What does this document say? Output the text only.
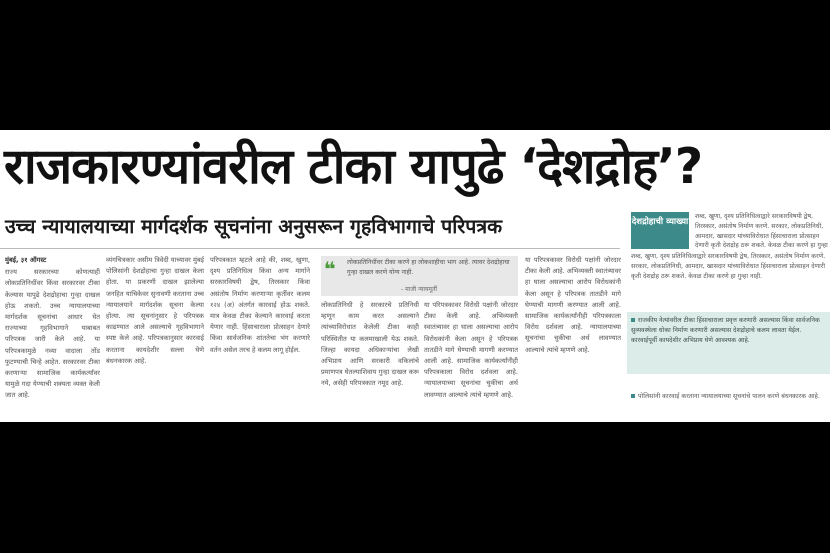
राजकारण्यांवरील टीका यापुढे ‘देशद्रोह’?
उच्च न्यायालयाच्या मार्गदर्शक सूचनांना अनुसरून गृहविभागाचे परिपत्रक

मुंबई, ३१ ऑगस्ट

राज्य सरकारच्या कोणत्याही लोकप्रतिनिधींवर किंवा सरकारवर टीका केल्यास यापुढे देशद्रोहाचा गुन्हा दाखल होऊ शकतो. उच्च न्यायालयाच्या मार्गदर्शक सूचनांचा आधार घेत राज्याच्या गृहविभागाने याबाबत परिपत्रक जारी केले आहे. या परिपत्रकामुळे नव्या वादाला तोंड फुटण्याची चिन्हे आहेत. सरकारवर टीका करणाऱ्या सामाजिक कार्यकर्त्यांवर यामुळे गदा येण्याची शक्यता व्यक्त केली जात आहे.

व्यंगचित्रकार असीम त्रिवेदी याच्यावर मुंबई पोलिसांनी देशद्रोहाचा गुन्हा दाखल केला होता. या प्रकरणी दाखल झालेल्या जनहित याचिकेवर सुनावणी करताना उच्च न्यायालयाने मार्गदर्शक सूचना केल्या होत्या. त्या सूचनांनुसार हे परिपत्रक काढण्यात आले असल्याचे गृहविभागाने स्पष्ट केले आहे. परिपत्रकानुसार कारवाई करताना कायदेशीर सल्ला घेणे बंधनकारक आहे.

परिपत्रकात म्हटले आहे की, शब्द, खुणा, दृश्य प्रतिनिधित्व किंवा अन्य मार्गाने सरकारविषयी द्वेष, तिरस्कार किंवा असंतोष निर्माण करणाऱ्या कृतींवर कलम १२४ (अ) अंतर्गत कारवाई होऊ शकते. मात्र केवळ टीका केल्याने कारवाई करता येणार नाही. हिंसाचाराला प्रोत्साहन देणारे किंवा सार्वजनिक शांततेचा भंग करणारे वर्तन असेल तरच हे कलम लागू होईल.

❝ लोकप्रतिनिधींवर टीका करणे हा लोकशाहीचा भाग आहे. त्यावर देशद्रोहाचा गुन्हा दाखल करणे योग्य नाही.
- माजी न्यायमूर्ती

लोकप्रतिनिधी हे सरकारचे प्रतिनिधी म्हणून काम करत असल्याने त्यांच्याविरोधात केलेली टीका काही परिस्थितीत या कलमाखाली येऊ शकते. जिल्हा कायदा अधिकाऱ्यांचा लेखी अभिप्राय आणि सरकारी वकिलांचे प्रमाणपत्र घेतल्याशिवाय गुन्हा दाखल करू नये, असेही परिपत्रकात नमूद आहे.

या परिपत्रकावर विरोधी पक्षांनी जोरदार टीका केली आहे. अभिव्यक्ती स्वातंत्र्यावर हा घाला असल्याचा आरोप विरोधकांनी केला असून हे परिपत्रक तातडीने मागे घेण्याची मागणी करण्यात आली आहे. सामाजिक कार्यकर्त्यांनीही परिपत्रकाला विरोध दर्शवला आहे. न्यायालयाच्या सूचनांचा चुकीचा अर्थ लावण्यात आल्याचे त्यांचे म्हणणे आहे.

या परिपत्रकावर विरोधी पक्षांनी जोरदार टीका केली आहे. अभिव्यक्ती स्वातंत्र्यावर हा घाला असल्याचा आरोप विरोधकांनी केला असून हे परिपत्रक तातडीने मागे घेण्याची मागणी करण्यात आली आहे. सामाजिक कार्यकर्त्यांनीही परिपत्रकाला विरोध दर्शवला आहे. न्यायालयाच्या सूचनांचा चुकीचा अर्थ लावण्यात आल्याचे त्यांचे म्हणणे आहे.

देशद्रोहाची व्याख्या
शब्द, खुणा, दृश्य प्रतिनिधित्वाद्वारे सरकारविषयी द्वेष, तिरस्कार, असंतोष निर्माण करणे. सरकार, लोकप्रतिनिधी, आमदार, खासदार यांच्याविरोधात हिंसाचाराला प्रोत्साहन देणारी कृती देशद्रोह ठरू शकते. केवळ टीका करणे हा गुन्हा
शब्द, खुणा, दृश्य प्रतिनिधित्वाद्वारे सरकारविषयी द्वेष, तिरस्कार, असंतोष निर्माण करणे. सरकार, लोकप्रतिनिधी, आमदार, खासदार यांच्याविरोधात हिंसाचाराला प्रोत्साहन देणारी कृती देशद्रोह ठरू शकते. केवळ टीका करणे हा गुन्हा नाही.
राजकीय नेत्यांवरील टीका हिंसाचाराला प्रवृत्त करणारी असल्यास किंवा सार्वजनिक सुव्यवस्थेला धोका निर्माण करणारी असल्यास देशद्रोहाचे कलम लावता येईल. कारवाईपूर्वी कायदेशीर अभिप्राय घेणे आवश्यक आहे.
पोलिसांनी कारवाई करताना न्यायालयाच्या सूचनांचे पालन करणे बंधनकारक आहे.
